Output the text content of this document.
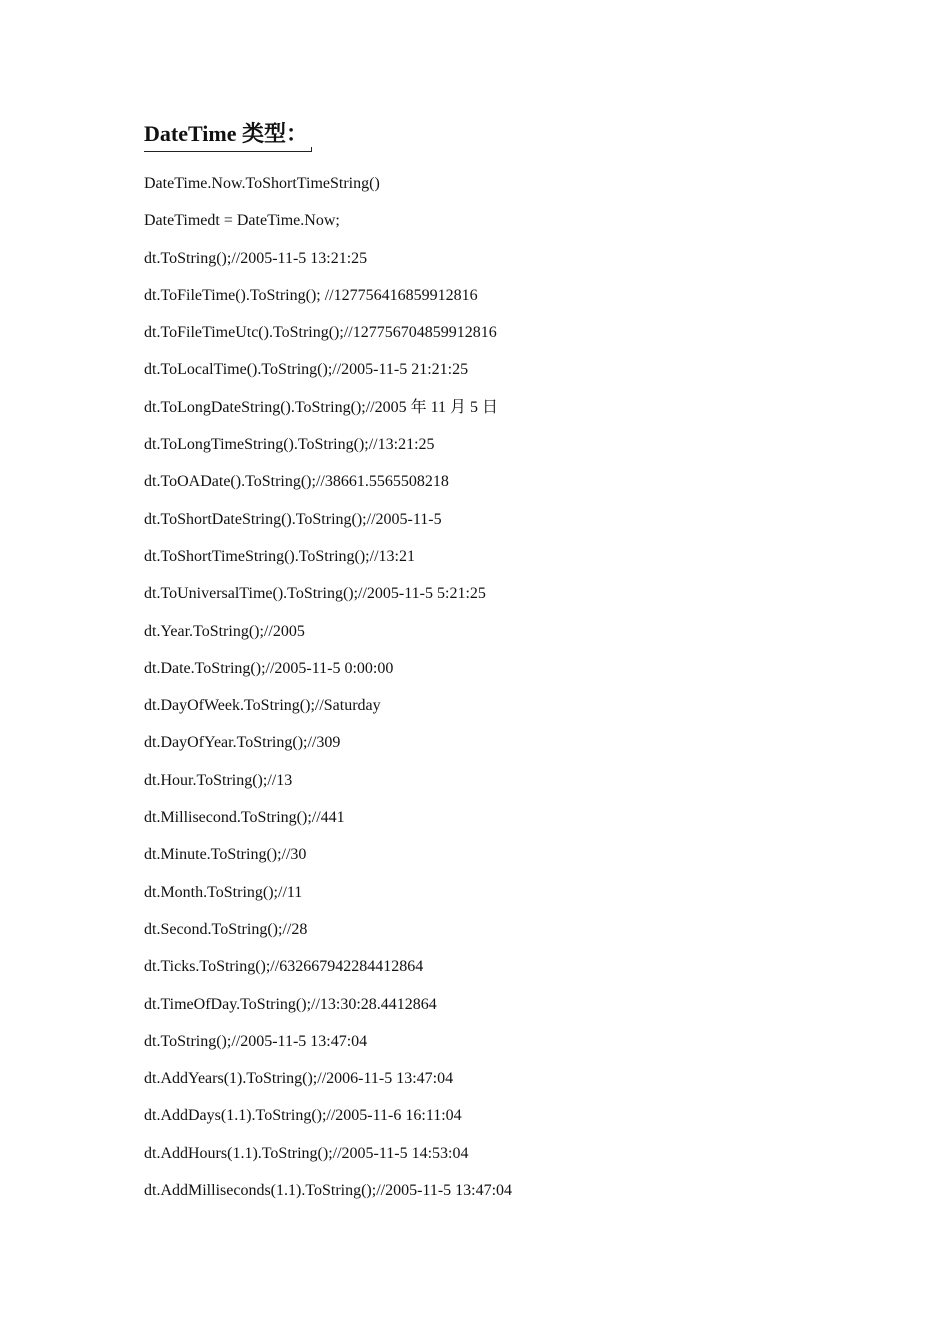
DateTime 类型：
DateTime.Now.ToShortTimeString()
DateTimedt = DateTime.Now;
dt.ToString();//2005-11-5 13:21:25
dt.ToFileTime().ToString(); //127756416859912816
dt.ToFileTimeUtc().ToString();//127756704859912816
dt.ToLocalTime().ToString();//2005-11-5 21:21:25
dt.ToLongDateString().ToString();//2005 年 11 月 5 日
dt.ToLongTimeString().ToString();//13:21:25
dt.ToOADate().ToString();//38661.5565508218
dt.ToShortDateString().ToString();//2005-11-5
dt.ToShortTimeString().ToString();//13:21
dt.ToUniversalTime().ToString();//2005-11-5 5:21:25
dt.Year.ToString();//2005
dt.Date.ToString();//2005-11-5 0:00:00
dt.DayOfWeek.ToString();//Saturday
dt.DayOfYear.ToString();//309
dt.Hour.ToString();//13
dt.Millisecond.ToString();//441
dt.Minute.ToString();//30
dt.Month.ToString();//11
dt.Second.ToString();//28
dt.Ticks.ToString();//632667942284412864
dt.TimeOfDay.ToString();//13:30:28.4412864
dt.ToString();//2005-11-5 13:47:04
dt.AddYears(1).ToString();//2006-11-5 13:47:04
dt.AddDays(1.1).ToString();//2005-11-6 16:11:04
dt.AddHours(1.1).ToString();//2005-11-5 14:53:04
dt.AddMilliseconds(1.1).ToString();//2005-11-5 13:47:04
